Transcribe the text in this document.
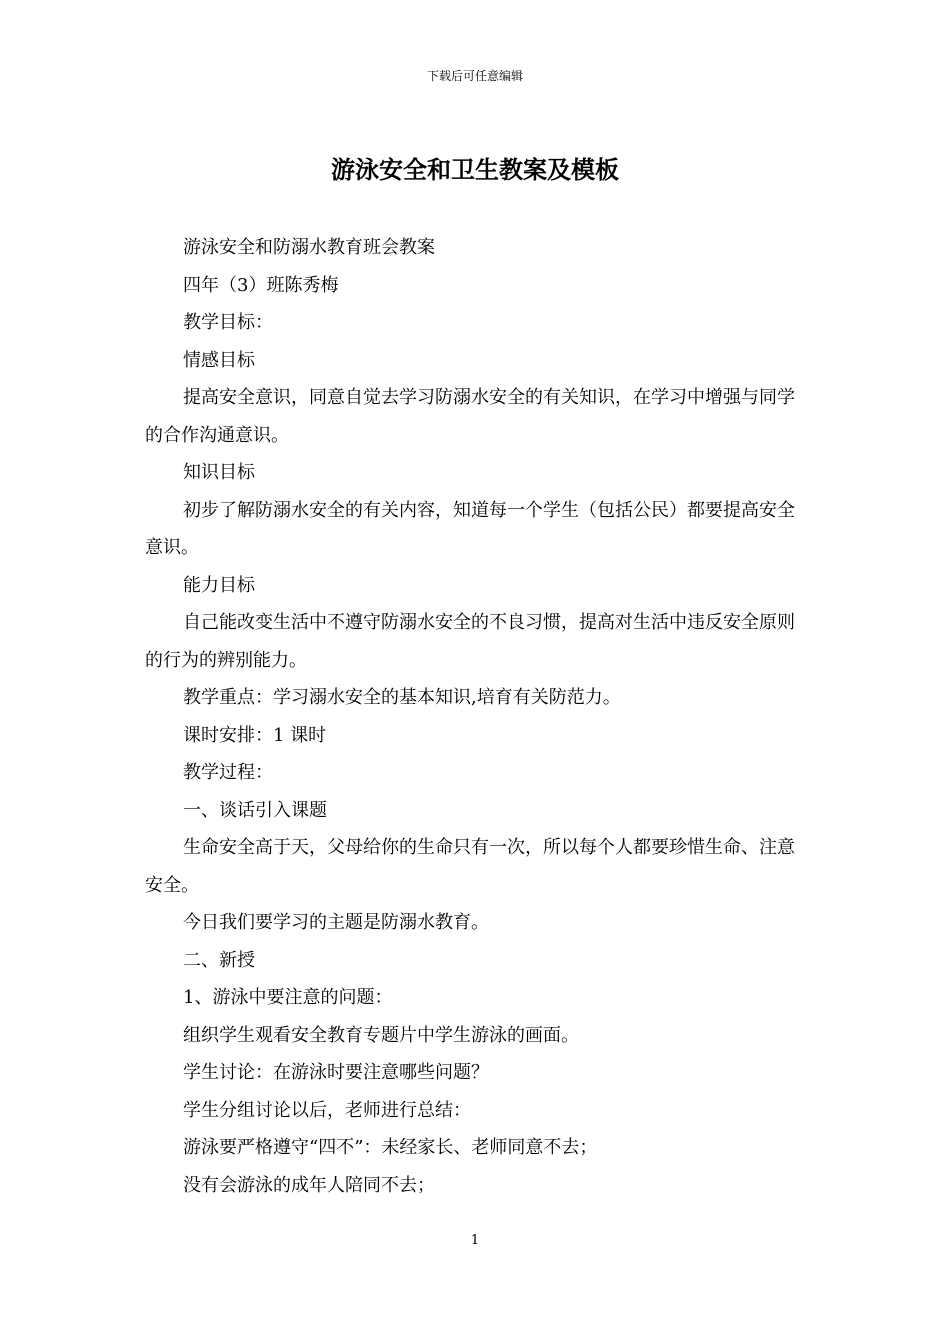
下载后可任意编辑
游泳安全和卫生教案及模板

游泳安全和防溺水教育班会教案

四年（3）班陈秀梅

教学目标：

情感目标

提高安全意识，同意自觉去学习防溺水安全的有关知识，在学习中增强与同学的合作沟通意识。

知识目标

初步了解防溺水安全的有关内容，知道每一个学生（包括公民）都要提高安全意识。

能力目标

自己能改变生活中不遵守防溺水安全的不良习惯，提高对生活中违反安全原则的行为的辨别能力。

教学重点：学习溺水安全的基本知识,培育有关防范力。

课时安排：1 课时

教学过程：

一、谈话引入课题

生命安全高于天，父母给你的生命只有一次，所以每个人都要珍惜生命、注意安全。

今日我们要学习的主题是防溺水教育。

二、新授

1、游泳中要注意的问题：

组织学生观看安全教育专题片中学生游泳的画面。

学生讨论：在游泳时要注意哪些问题？

学生分组讨论以后，老师进行总结：

游泳要严格遵守“四不”：未经家长、老师同意不去；

没有会游泳的成年人陪同不去；

1
